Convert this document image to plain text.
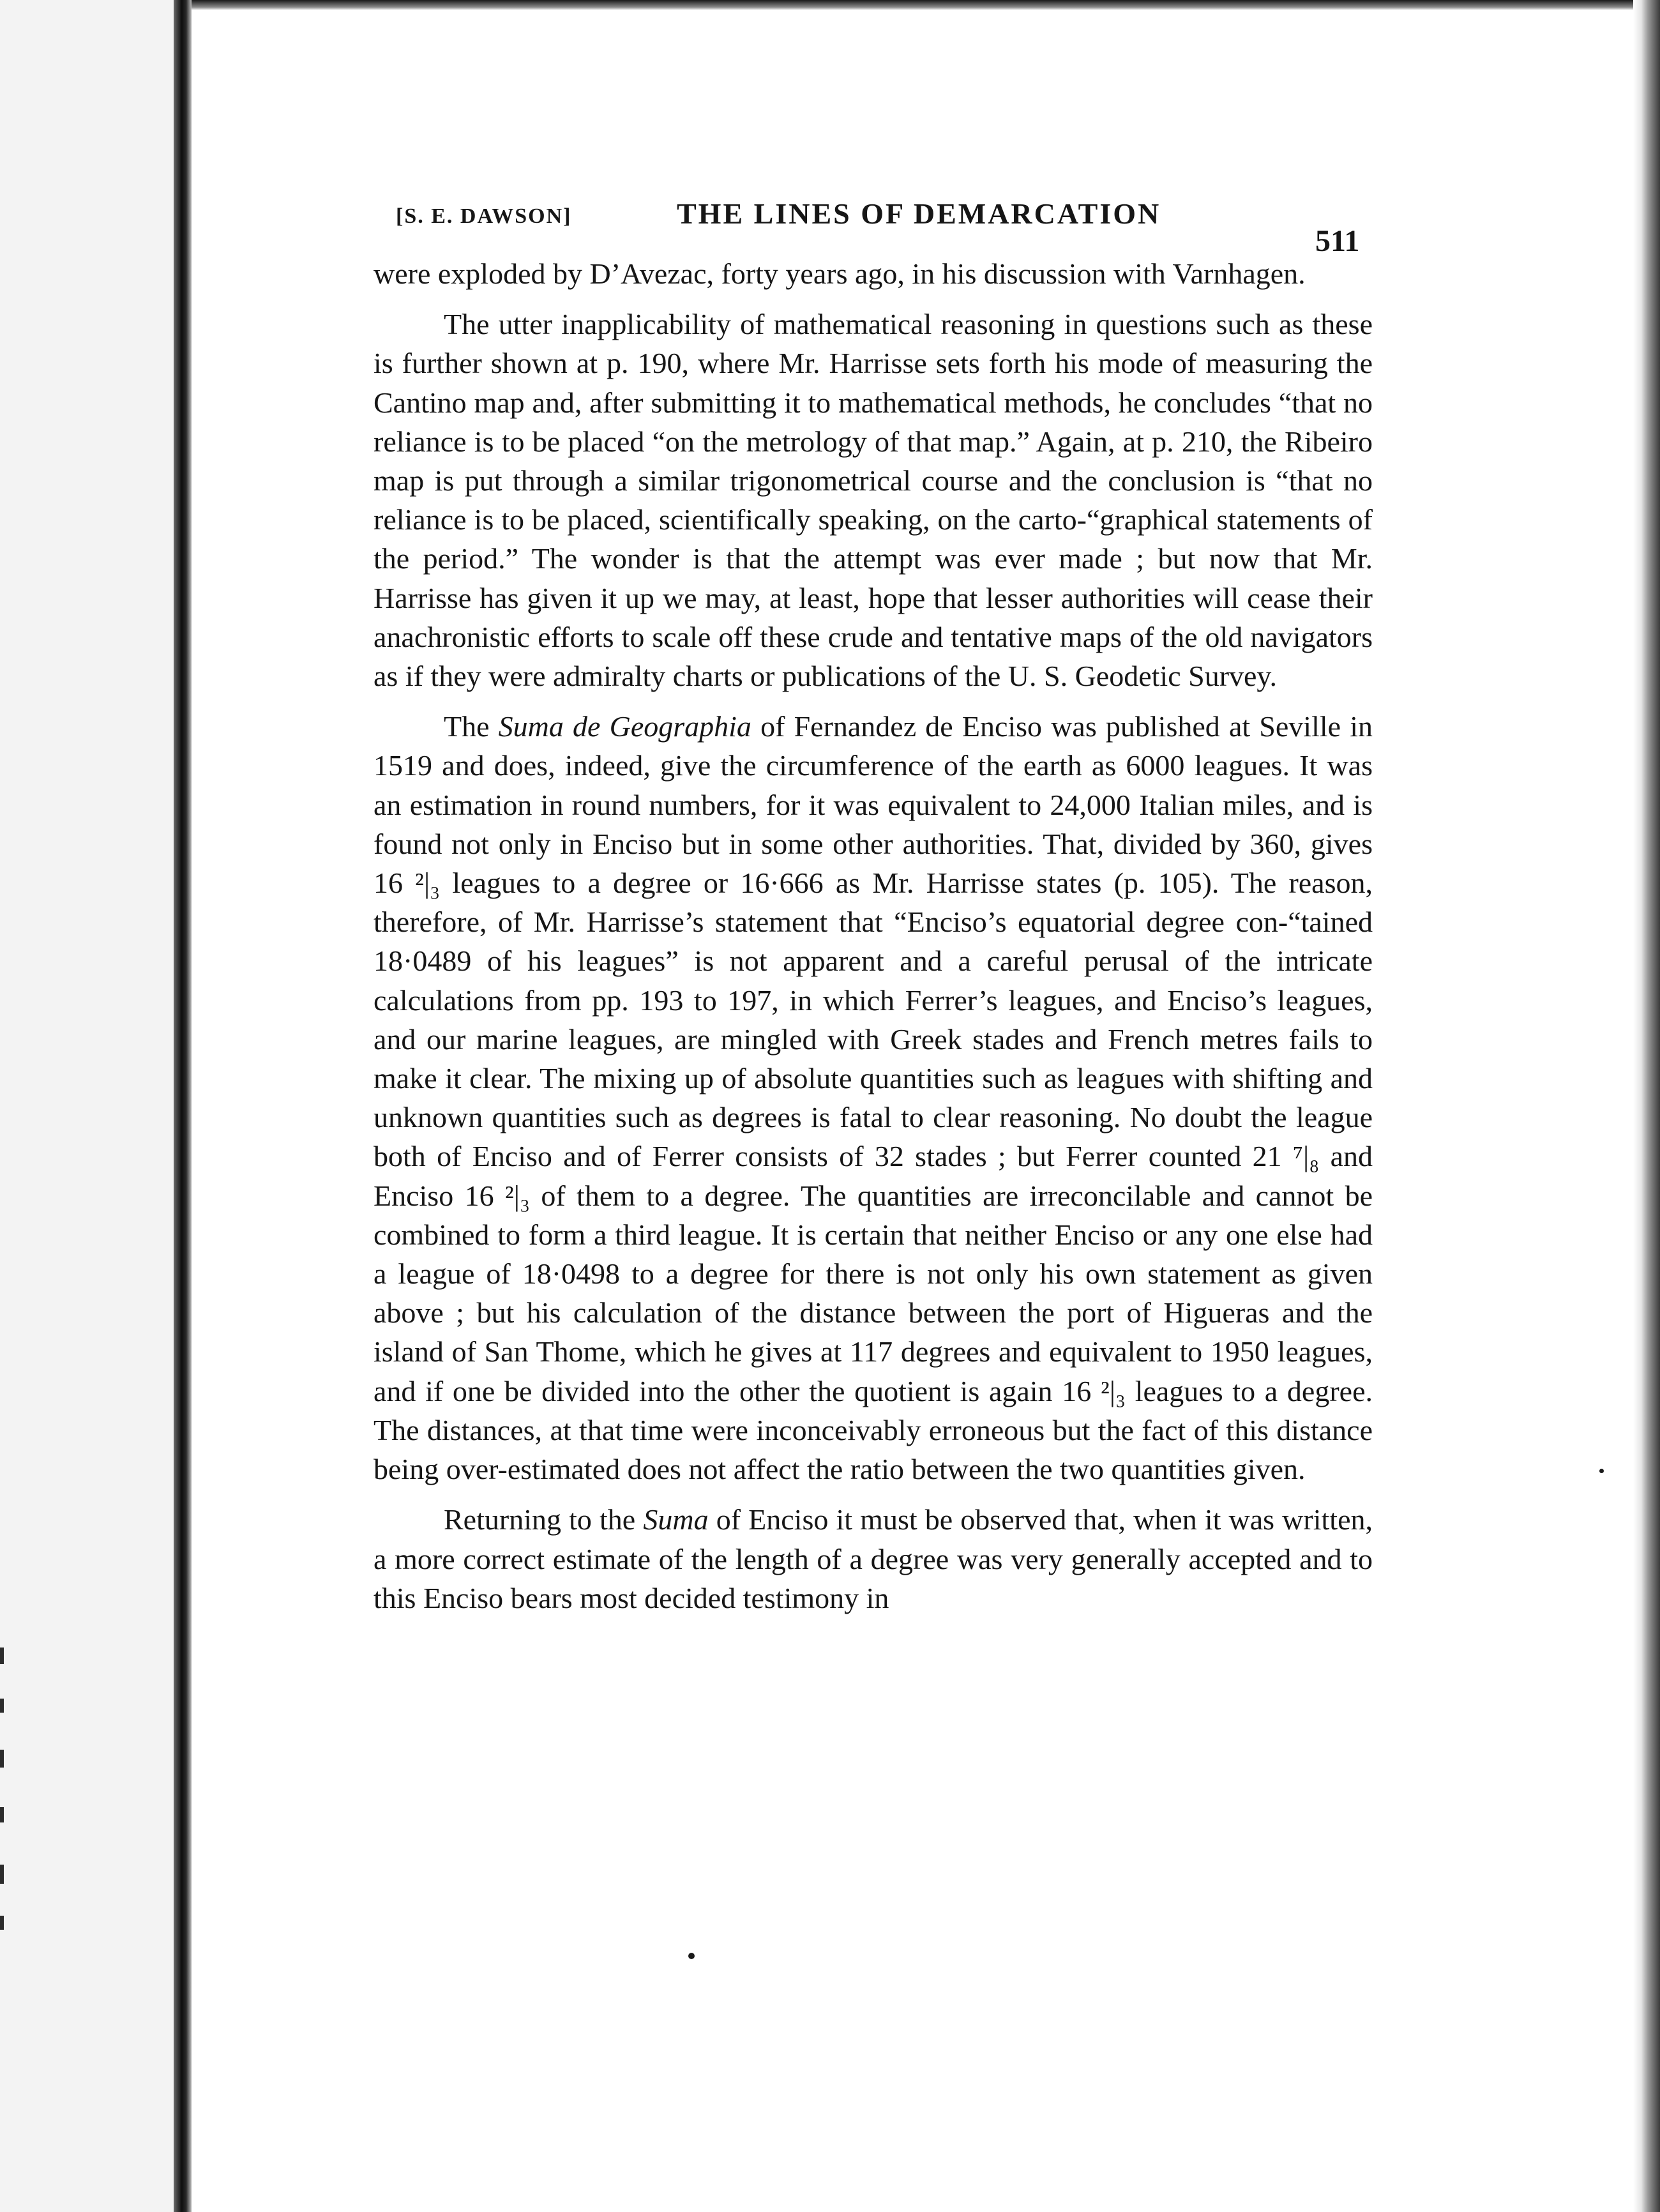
[S. E. DAWSON]	THE LINES OF DEMARCATION
511

were exploded by D’Avezac, forty years ago, in his discussion with Varnhagen.

The utter inapplicability of mathematical reasoning in questions such as these is further shown at p. 190, where Mr. Harrisse sets forth his mode of measuring the Cantino map and, after submitting it to mathematical methods, he concludes “that no reliance is to be placed “on the metrology of that map.” Again, at p. 210, the Ribeiro map is put through a similar trigonometrical course and the conclusion is “that no reliance is to be placed, scientifically speaking, on the carto-“graphical statements of the period.” The wonder is that the attempt was ever made ; but now that Mr. Harrisse has given it up we may, at least, hope that lesser authorities will cease their anachronistic efforts to scale off these crude and tentative maps of the old navigators as if they were admiralty charts or publications of the U. S. Geodetic Survey.

The Suma de Geographia of Fernandez de Enciso was published at Seville in 1519 and does, indeed, give the circumference of the earth as 6000 leagues. It was an estimation in round numbers, for it was equivalent to 24,000 Italian miles, and is found not only in Enciso but in some other authorities. That, divided by 360, gives 16 ²|₃ leagues to a degree or 16·666 as Mr. Harrisse states (p. 105). The reason, therefore, of Mr. Harrisse’s statement that “Enciso’s equatorial degree con-“tained 18·0489 of his leagues” is not apparent and a careful perusal of the intricate calculations from pp. 193 to 197, in which Ferrer’s leagues, and Enciso’s leagues, and our marine leagues, are mingled with Greek stades and French metres fails to make it clear. The mixing up of absolute quantities such as leagues with shifting and unknown quantities such as degrees is fatal to clear reasoning. No doubt the league both of Enciso and of Ferrer consists of 32 stades ; but Ferrer counted 21 ⁷|₈ and Enciso 16 ²|₃ of them to a degree. The quantities are irreconcilable and cannot be combined to form a third league. It is certain that neither Enciso or any one else had a league of 18·0498 to a degree for there is not only his own statement as given above ; but his calculation of the distance between the port of Higueras and the island of San Thome, which he gives at 117 degrees and equivalent to 1950 leagues, and if one be divided into the other the quotient is again 16 ²|₃ leagues to a degree. The distances, at that time were inconceivably erroneous but the fact of this distance being over-estimated does not affect the ratio between the two quantities given.

Returning to the Suma of Enciso it must be observed that, when it was written, a more correct estimate of the length of a degree was very generally accepted and to this Enciso bears most decided testimony in
